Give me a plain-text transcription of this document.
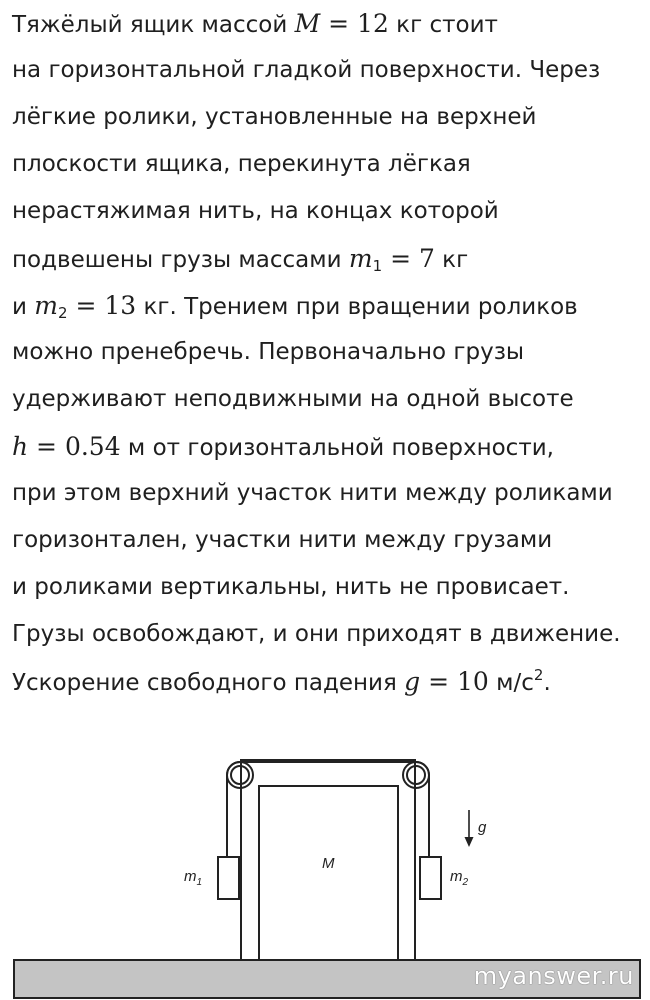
Тяжёлый ящик массой M = 12 кг стоит
на горизонтальной гладкой поверхности. Через
лёгкие ролики, установленные на верхней
плоскости ящика, перекинута лёгкая
нерастяжимая нить, на концах которой
подвешены грузы массами $m_1 = 7$ кг
и $m_2 = 13$ кг. Трением при вращении роликов
можно пренебречь. Первоначально грузы
удерживают неподвижными на одной высоте
h = 0.54 м от горизонтальной поверхности,
при этом верхний участок нити между роликами
горизонтален, участки нити между грузами
и роликами вертикальны, нить не провисает.
Грузы освобождают, и они приходят в движение.
Ускорение свободного падения g = 10 $м/с^2$.
M
$m_1$	$m_2$
g
myanswer.ru
